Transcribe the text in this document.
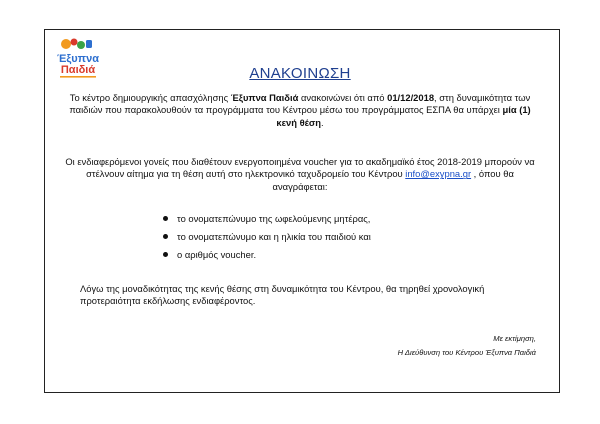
Έξυπνα
Παιδιά	ΑΝΑΚΟΙΝΩΣΗ
Το κέντρο δημιουργικής απασχόλησης Έξυπνα Παιδιά ανακοινώνει ότι από 01/12/2018, στη δυναμικότητα των παιδιών που παρακολουθούν τα προγράμματα του Κέντρου μέσω του προγράμματος ΕΣΠΑ θα υπάρχει μία (1) κενή θέση.
Οι ενδιαφερόμενοι γονείς που διαθέτουν ενεργοποιημένα voucher για το ακαδημαϊκό έτος 2018-2019 μπορούν να στέλνουν αίτημα για τη θέση αυτή στο ηλεκτρονικό ταχυδρομείο του Κέντρου info@exypna.gr , όπου θα αναγράφεται:
το ονοματεπώνυμο της ωφελούμενης μητέρας,
το ονοματεπώνυμο και η ηλικία του παιδιού και
ο αριθμός voucher.
Λόγω της μοναδικότητας της κενής θέσης στη δυναμικότητα του Κέντρου, θα τηρηθεί χρονολογική προτεραιότητα εκδήλωσης ενδιαφέροντος.
Με εκτίμηση,
Η Διεύθυνση του Κέντρου Έξυπνα Παιδιά
